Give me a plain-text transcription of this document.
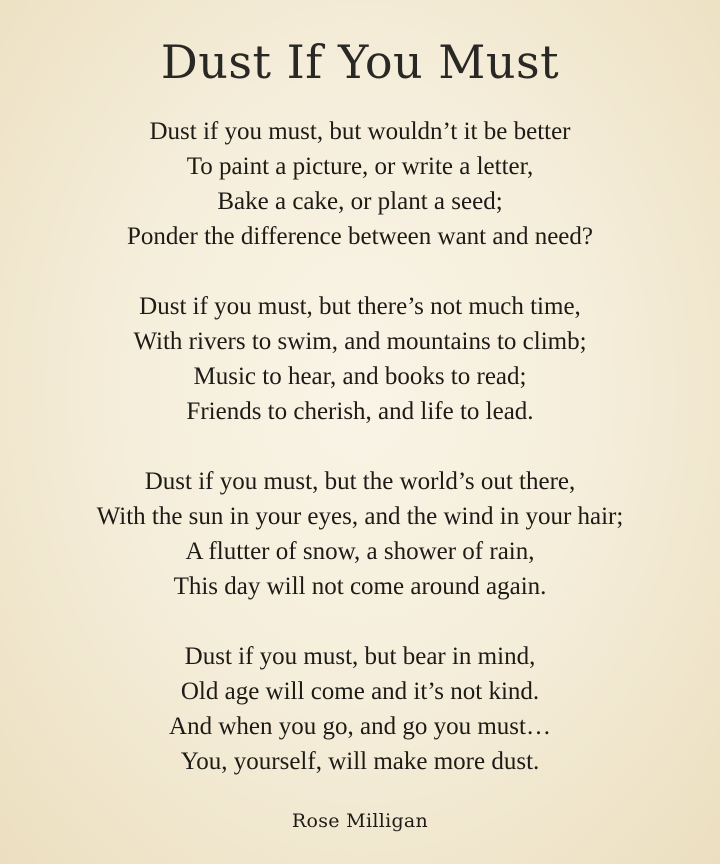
Dust If You Must
Dust if you must, but wouldn’t it be better
To paint a picture, or write a letter,
Bake a cake, or plant a seed;
Ponder the difference between want and need?
Dust if you must, but there’s not much time,
With rivers to swim, and mountains to climb;
Music to hear, and books to read;
Friends to cherish, and life to lead.
Dust if you must, but the world’s out there,
With the sun in your eyes, and the wind in your hair;
A flutter of snow, a shower of rain,
This day will not come around again.
Dust if you must, but bear in mind,
Old age will come and it’s not kind.
And when you go, and go you must…
You, yourself, will make more dust.
Rose Milligan
